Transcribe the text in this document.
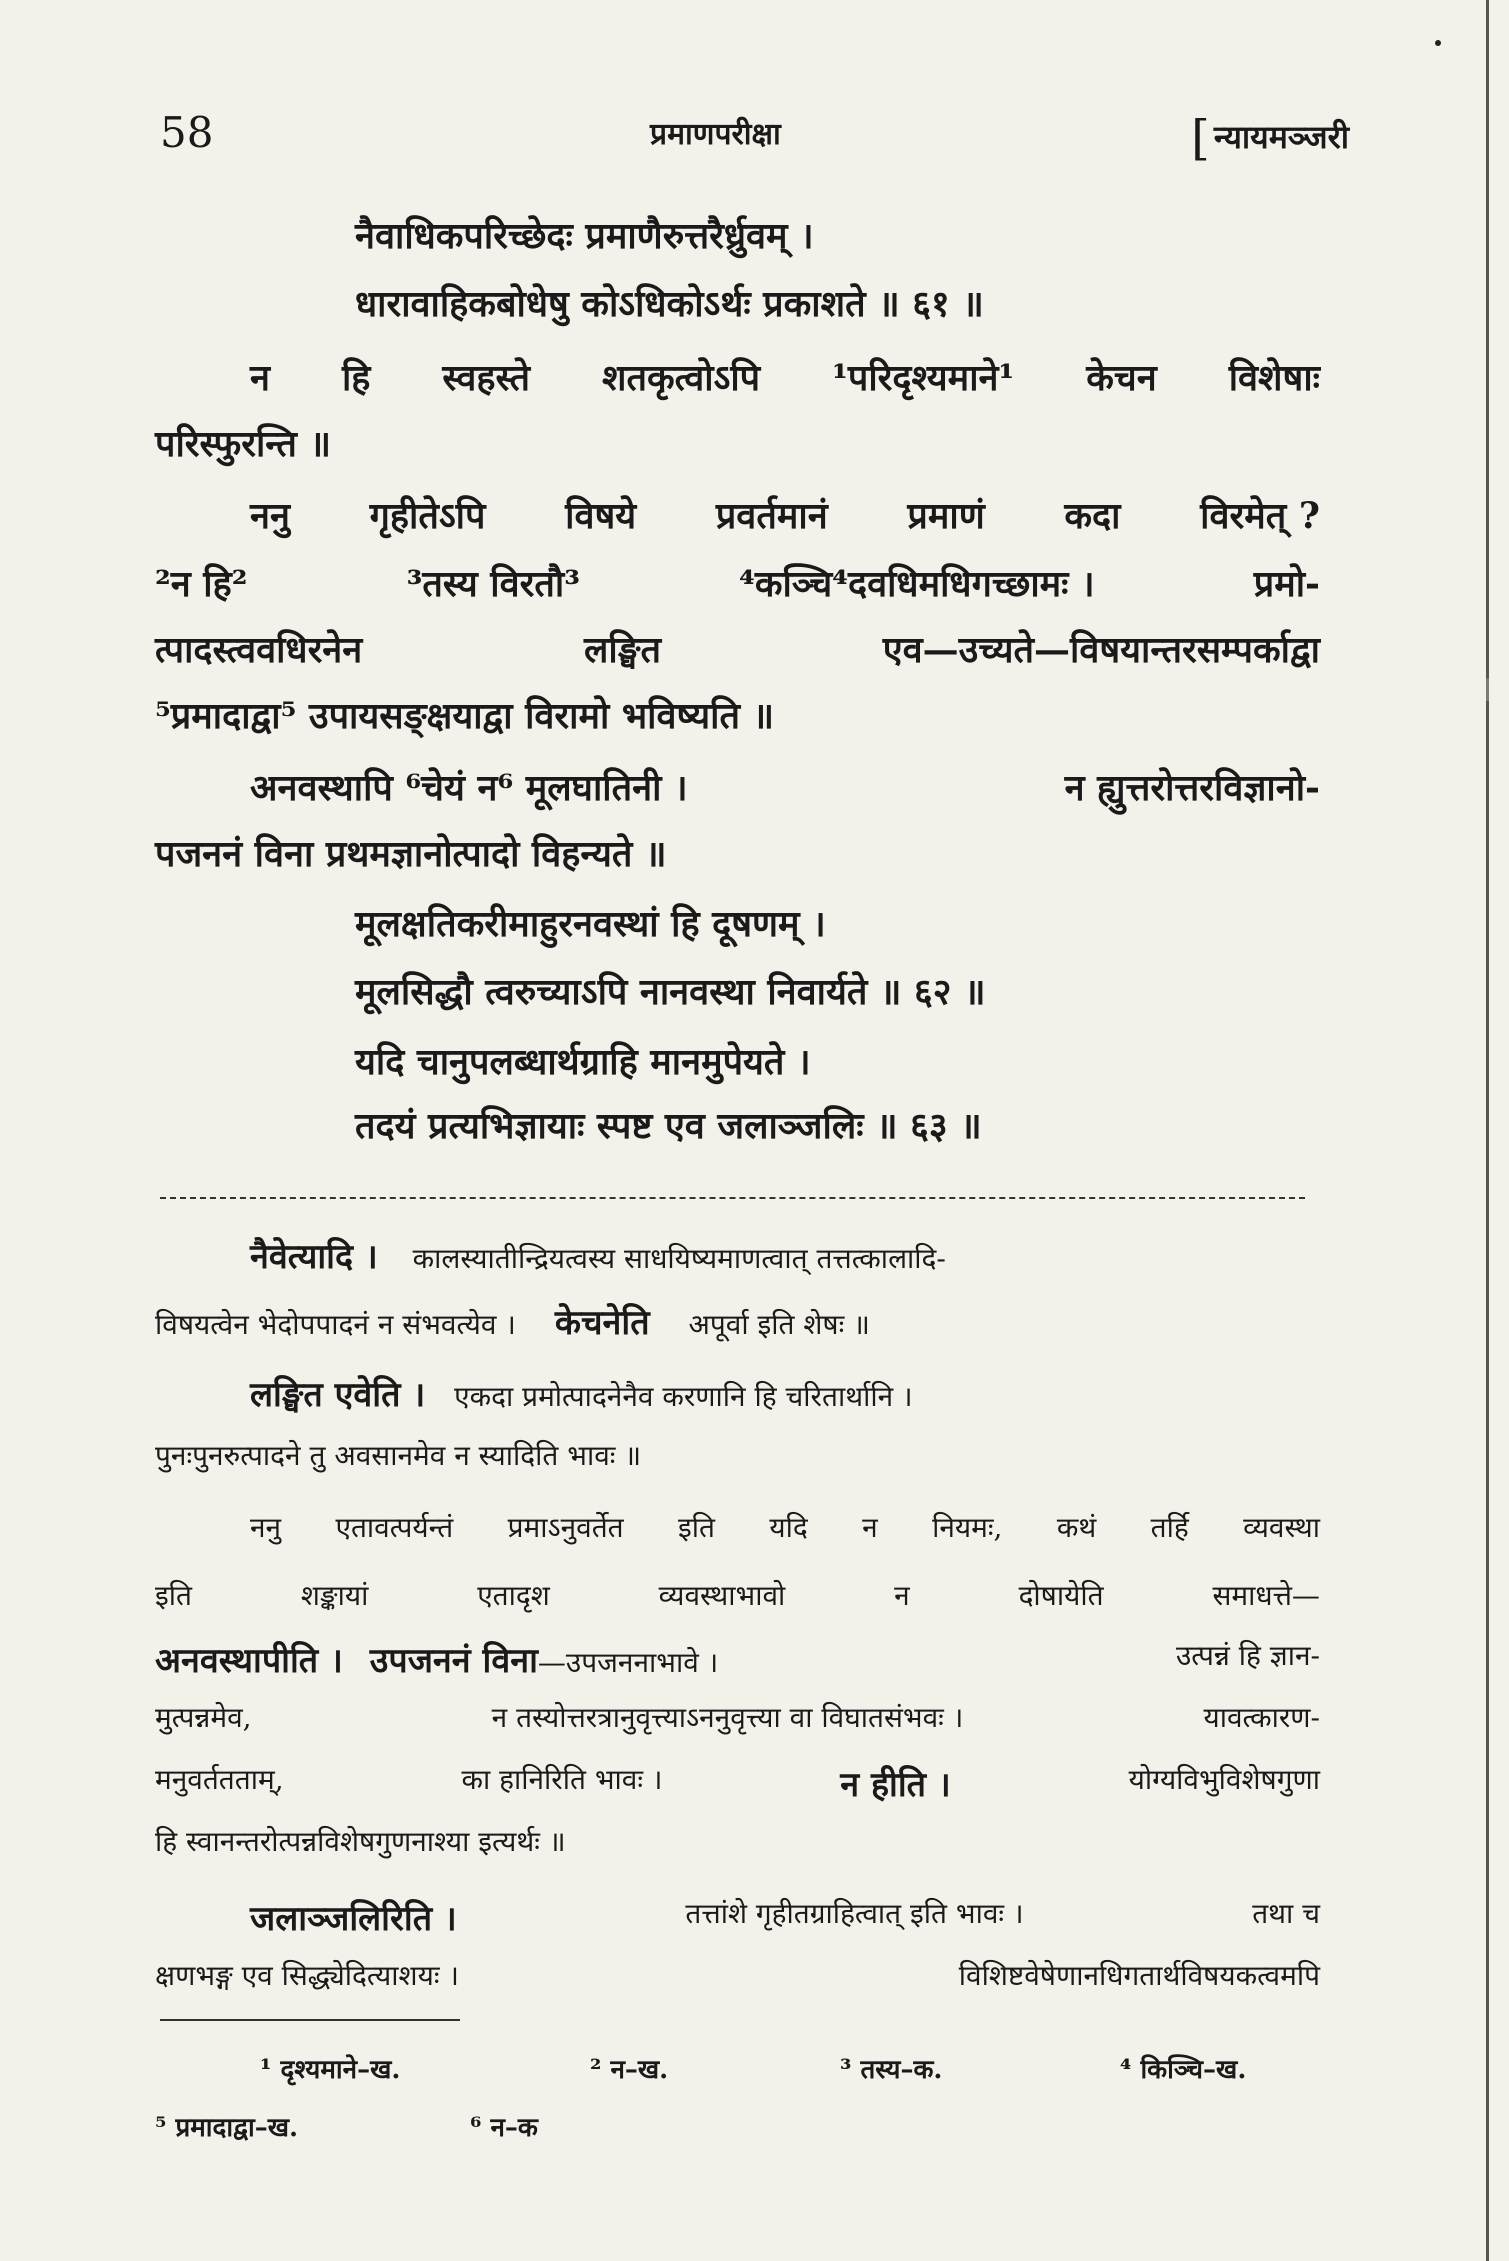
58	प्रमाणपरीक्षा	[ न्यायमञ्जरी
नैवाधिकपरिच्छेदः प्रमाणैरुत्तरैर्ध्रुवम् ।
धारावाहिकबोधेषु कोऽधिकोऽर्थः प्रकाशते ॥ ६१ ॥
न हि स्वहस्ते शतकृत्वोऽपि ¹परिदृश्यमाने¹ केचन विशेषाः
परिस्फुरन्ति ॥
ननु गृहीतेऽपि विषये प्रवर्तमानं प्रमाणं कदा विरमेत् ?
²न हि²	³तस्य विरतौ³	⁴कञ्चि⁴दवधिमधिगच्छामः ।	प्रमो-
त्पादस्त्ववधिरनेन	लङ्घित	एव—उच्यते—विषयान्तरसम्पर्काद्वा
⁵प्रमादाद्वा⁵ उपायसङ्क्षयाद्वा विरामो भविष्यति ॥
अनवस्थापि ⁶चेयं न⁶ मूलघातिनी ।	न ह्युत्तरोत्तरविज्ञानो-
पजननं विना प्रथमज्ञानोत्पादो विहन्यते ॥
मूलक्षतिकरीमाहुरनवस्थां हि दूषणम् ।
मूलसिद्धौ त्वरुच्याऽपि नानवस्था निवार्यते ॥ ६२ ॥
यदि चानुपलब्धार्थग्राहि मानमुपेयते ।
तदयं प्रत्यभिज्ञायाः स्पष्ट एव जलाञ्जलिः ॥ ६३ ॥
नैवेत्यादि । कालस्यातीन्द्रियत्वस्य साधयिष्यमाणत्वात् तत्तत्कालादि-
विषयत्वेन भेदोपपादनं न संभवत्येव । केचनेति अपूर्वा इति शेषः ॥
लङ्घित एवेति । एकदा प्रमोत्पादनेनैव करणानि हि चरितार्थानि ।
पुनःपुनरुत्पादने तु अवसानमेव न स्यादिति भावः ॥
ननु एतावत्पर्यन्तं प्रमाऽनुवर्तेत इति यदि न नियमः, कथं तर्हि व्यवस्था
इति	शङ्कायां	एतादृश	व्यवस्थाभावो	न	दोषायेति	समाधत्ते—
अनवस्थापीति । उपजननं विना—उपजननाभावे ।	उत्पन्नं हि ज्ञान-
मुत्पन्नमेव,	न तस्योत्तरत्रानुवृत्त्याऽननुवृत्त्या वा विघातसंभवः ।	यावत्कारण-
मनुवर्ततताम्,	का हानिरिति भावः ।	न हीति ।	योग्यविभुविशेषगुणा
हि स्वानन्तरोत्पन्नविशेषगुणनाश्या इत्यर्थः ॥
जलाञ्जलिरिति ।	तत्तांशे गृहीतग्राहित्वात् इति भावः ।	तथा च
क्षणभङ्ग एव सिद्ध्येदित्याशयः ।	विशिष्टवेषेणानधिगतार्थविषयकत्वमपि
¹ दृश्यमाने–ख.	² न–ख.	³ तस्य–क.	⁴ किञ्चि–ख.
⁵ प्रमादाद्वा–ख.	⁶ न–क
